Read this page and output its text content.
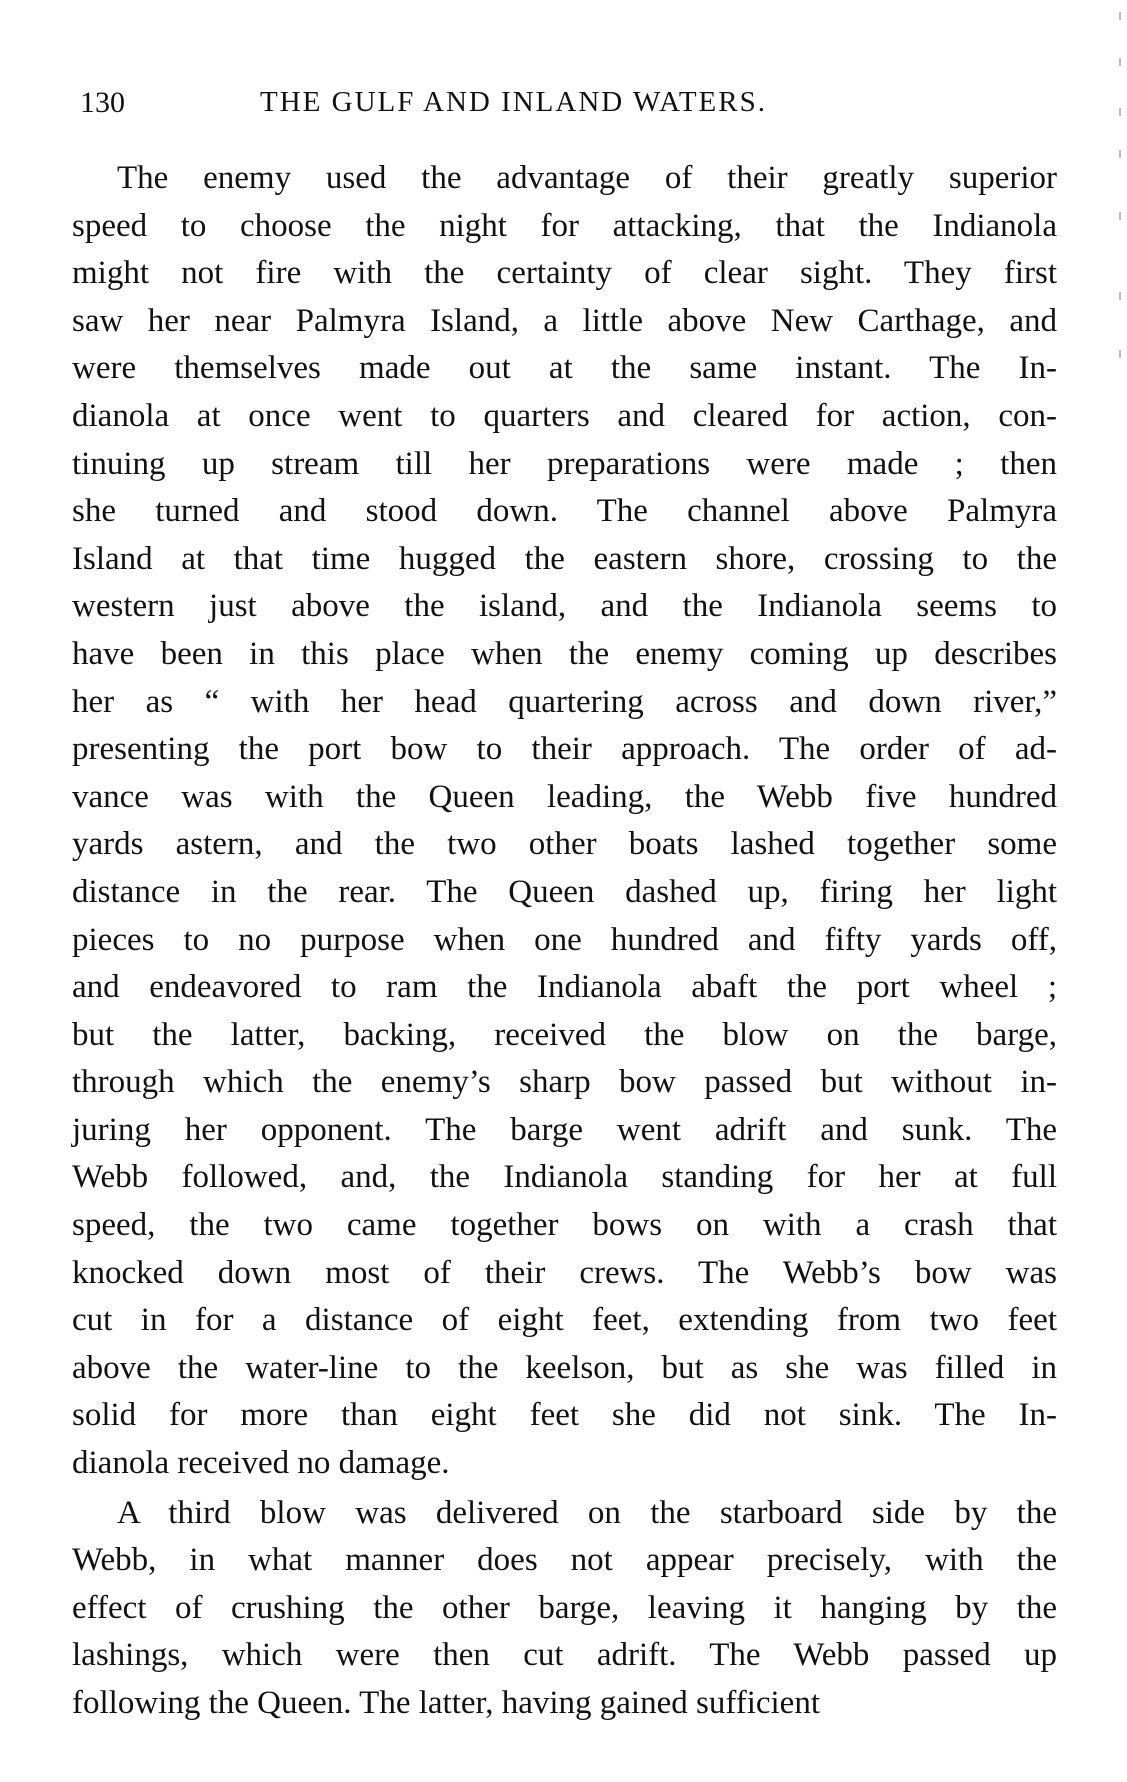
130	THE GULF AND INLAND WATERS.
The enemy used the advantage of their greatly superior
speed to choose the night for attacking, that the Indianola
might not fire with the certainty of clear sight. They first
saw her near Palmyra Island, a little above New Carthage, and
were themselves made out at the same instant. The In-
dianola at once went to quarters and cleared for action, con-
tinuing up stream till her preparations were made ; then
she turned and stood down. The channel above Palmyra
Island at that time hugged the eastern shore, crossing to the
western just above the island, and the Indianola seems to
have been in this place when the enemy coming up describes
her as “ with her head quartering across and down river,”
presenting the port bow to their approach. The order of ad-
vance was with the Queen leading, the Webb five hundred
yards astern, and the two other boats lashed together some
distance in the rear. The Queen dashed up, firing her light
pieces to no purpose when one hundred and fifty yards off,
and endeavored to ram the Indianola abaft the port wheel ;
but the latter, backing, received the blow on the barge,
through which the enemy’s sharp bow passed but without in-
juring her opponent. The barge went adrift and sunk. The
Webb followed, and, the Indianola standing for her at full
speed, the two came together bows on with a crash that
knocked down most of their crews. The Webb’s bow was
cut in for a distance of eight feet, extending from two feet
above the water-line to the keelson, but as she was filled in
solid for more than eight feet she did not sink. The In-
dianola received no damage.
A third blow was delivered on the starboard side by the
Webb, in what manner does not appear precisely, with the
effect of crushing the other barge, leaving it hanging by the
lashings, which were then cut adrift. The Webb passed up
following the Queen. The latter, having gained sufficient
